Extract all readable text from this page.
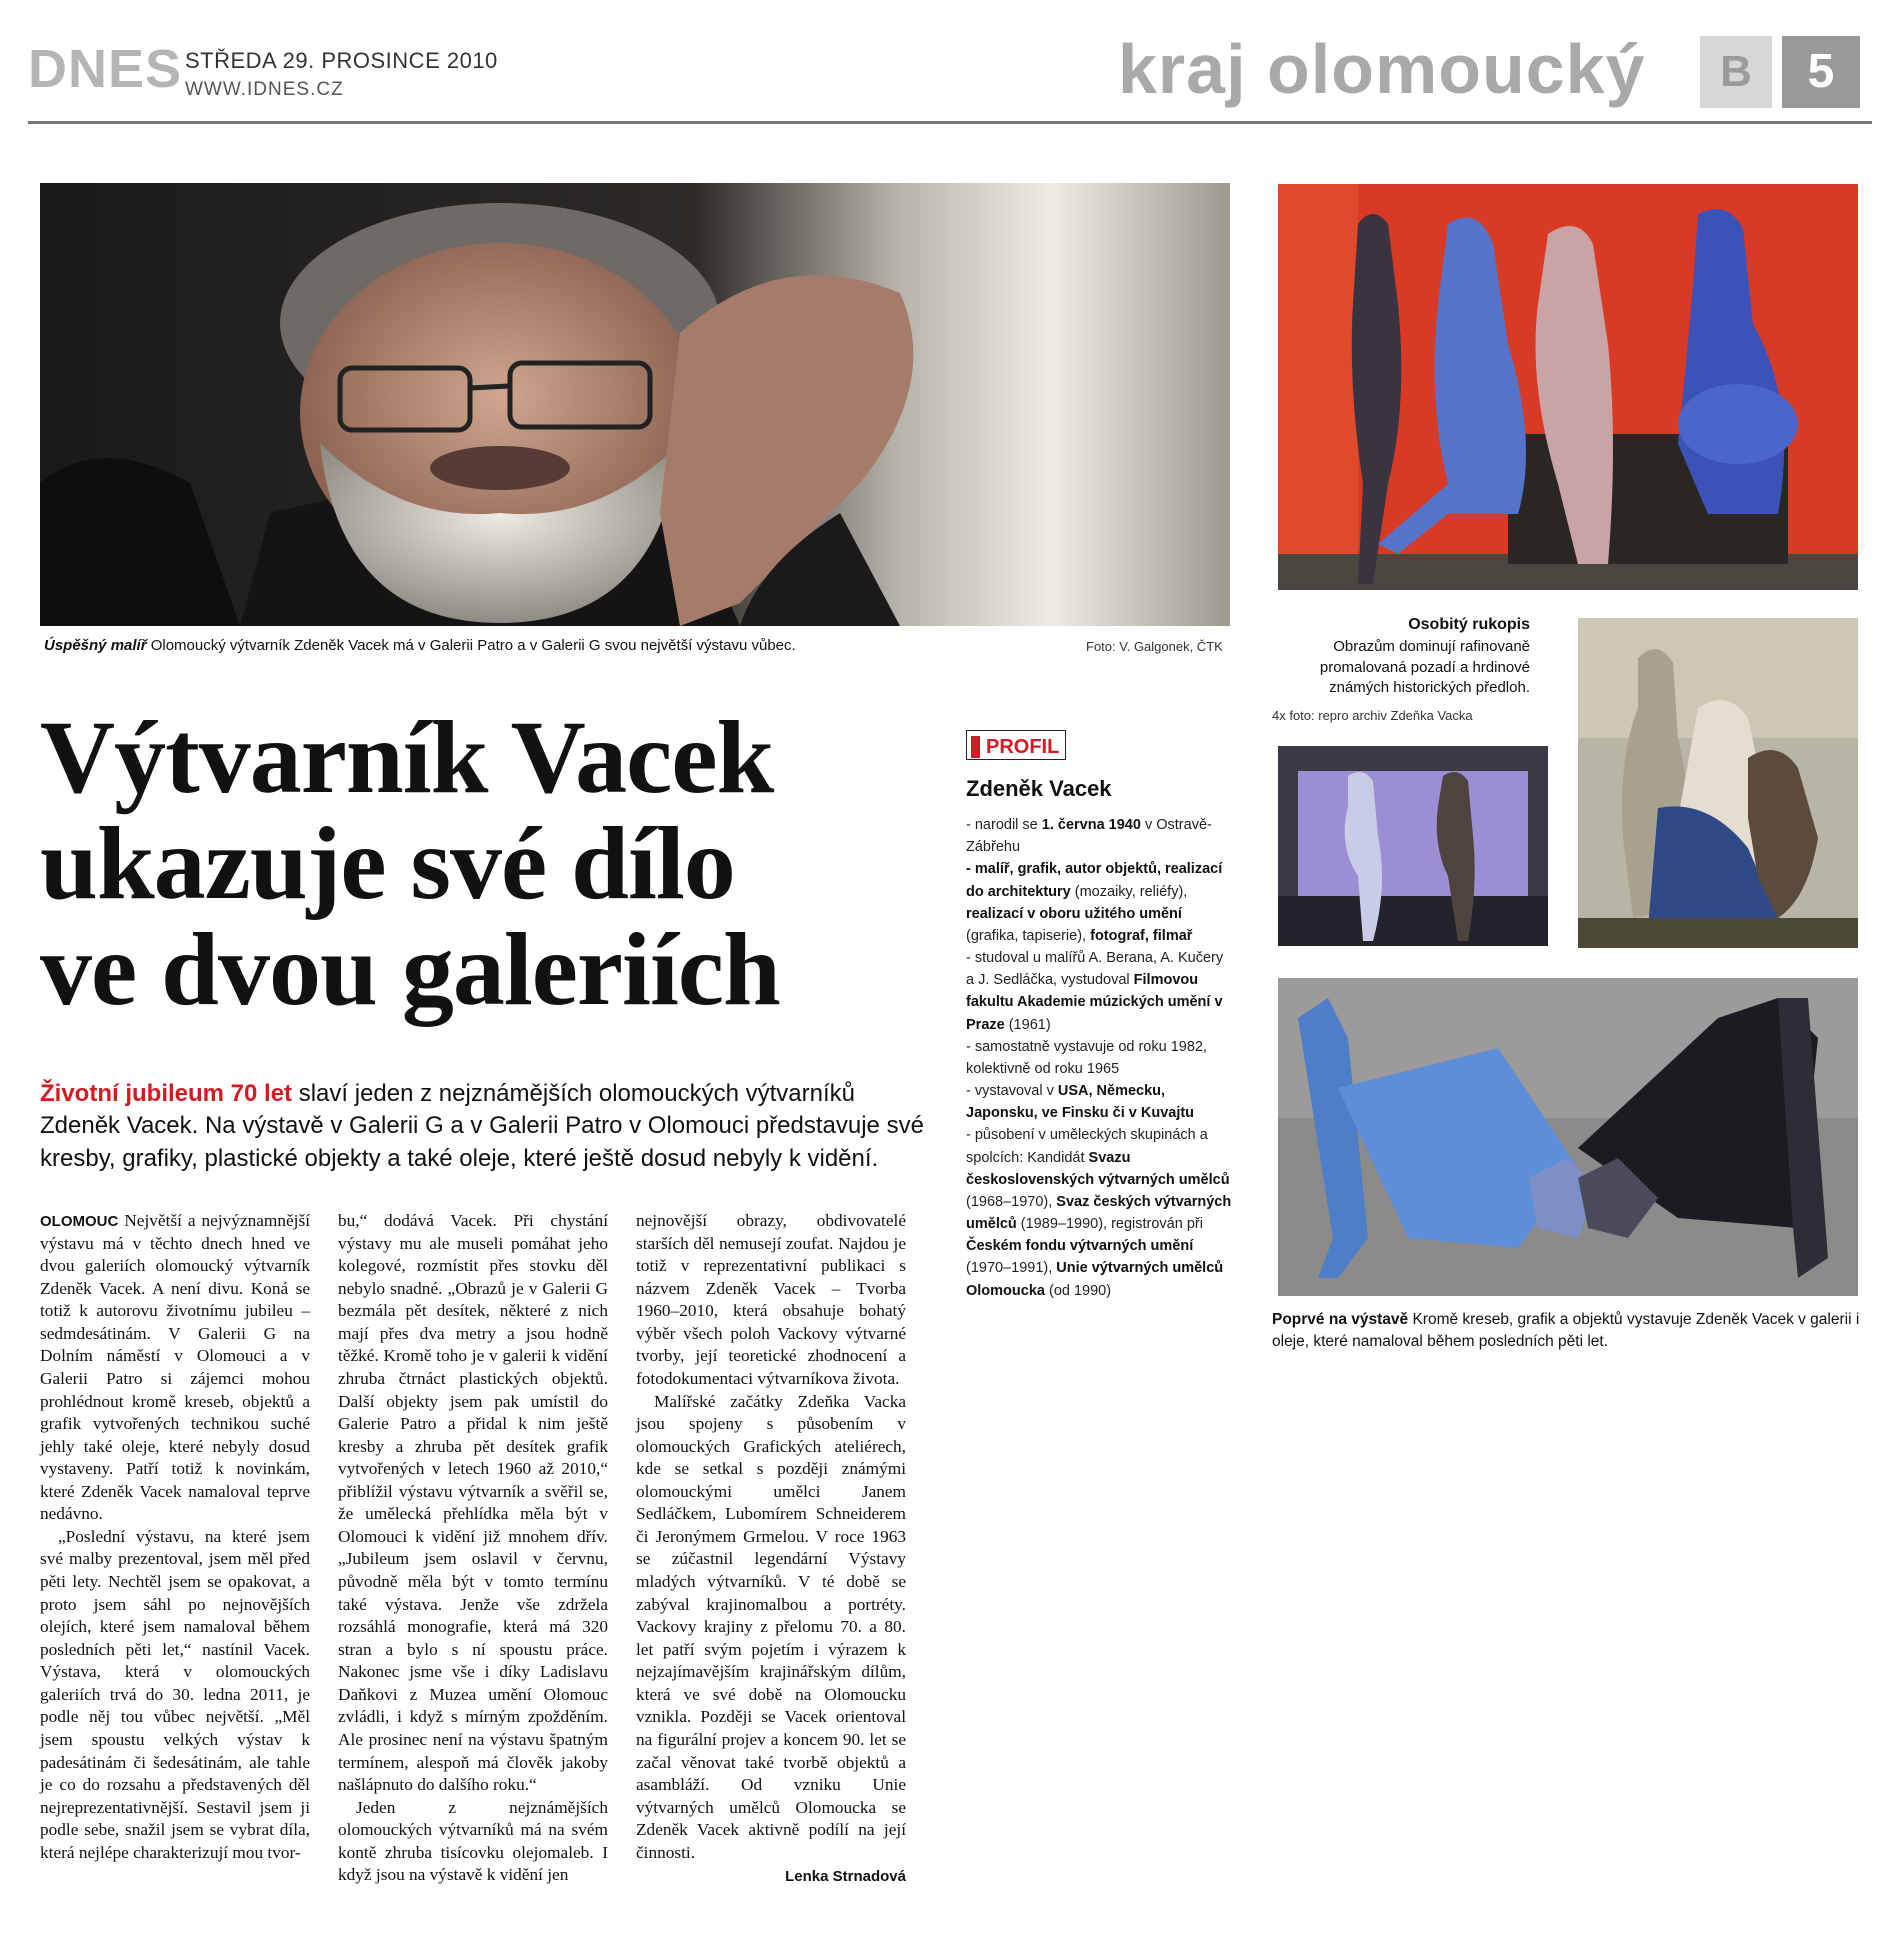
DNES STŘEDA 29. PROSINCE 2010
WWW.IDNES.CZ	kraj olomoucký	B	5
Úspěšný malíř Olomoucký výtvarník Zdeněk Vacek má v Galerii Patro a v Galerii G svou největší výstavu vůbec.	Foto: V. Galgonek, ČTK
Výtvarník Vacek
ukazuje své dílo
ve dvou galeriích
Životní jubileum 70 let slaví jeden z nejznámějších olomouckých výtvarníků Zdeněk Vacek. Na výstavě v Galerii G a v Galerii Patro v Olomouci představuje své kresby, grafiky, plastické objekty a také oleje, které ještě dosud nebyly k vidění.

OLOMOUC Největší a nejvýznamnější výstavu má v těchto dnech hned ve dvou galeriích olomoucký výtvarník Zdeněk Vacek. A není divu. Koná se totiž k autorovu životnímu jubileu – sedmdesátinám. V Galerii G na Dolním náměstí v Olomouci a v Galerii Patro si zájemci mohou prohlédnout kromě kreseb, objektů a grafik vytvořených technikou suché jehly také oleje, které nebyly dosud vystaveny. Patří totiž k novinkám, které Zdeněk Vacek namaloval teprve nedávno.

„Poslední výstavu, na které jsem své malby prezentoval, jsem měl před pěti lety. Nechtěl jsem se opakovat, a proto jsem sáhl po nejnovějších olejích, které jsem namaloval během posledních pěti let,“ nastínil Vacek. Výstava, která v olomouckých galeriích trvá do 30. ledna 2011, je podle něj tou vůbec největší. „Měl jsem spoustu velkých výstav k padesátinám či šedesátinám, ale tahle je co do rozsahu a představených děl nejreprezentativnější. Sestavil jsem ji podle sebe, snažil jsem se vybrat díla, která nejlépe charakterizují mou tvor-

bu,“ dodává Vacek. Při chystání výstavy mu ale museli pomáhat jeho kolegové, rozmístit přes stovku děl nebylo snadné. „Obrazů je v Galerii G bezmála pět desítek, některé z nich mají přes dva metry a jsou hodně těžké. Kromě toho je v galerii k vidění zhruba čtrnáct plastických objektů. Další objekty jsem pak umístil do Galerie Patro a přidal k nim ještě kresby a zhruba pět desítek grafik vytvořených v letech 1960 až 2010,“ přiblížil výstavu výtvarník a svěřil se, že umělecká přehlídka měla být v Olomouci k vidění již mnohem dřív. „Jubileum jsem oslavil v červnu, původně měla být v tomto termínu také výstava. Jenže vše zdržela rozsáhlá monografie, která má 320 stran a bylo s ní spoustu práce. Nakonec jsme vše i díky Ladislavu Daňkovi z Muzea umění Olomouc zvládli, i když s mírným zpožděním. Ale prosinec není na výstavu špatným termínem, alespoň má člověk jakoby našlápnuto do dalšího roku.“

Jeden z nejznámějších olomouckých výtvarníků má na svém kontě zhruba tisícovku olejomaleb. I když jsou na výstavě k vidění jen

nejnovější obrazy, obdivovatelé starších děl nemusejí zoufat. Najdou je totiž v reprezentativní publikaci s názvem Zdeněk Vacek – Tvorba 1960–2010, která obsahuje bohatý výběr všech poloh Vackovy výtvarné tvorby, její teoretické zhodnocení a fotodokumentaci výtvarníkova života.

Malířské začátky Zdeňka Vacka jsou spojeny s působením v olomouckých Grafických ateliérech, kde se setkal s později známými olomouckými umělci Janem Sedláčkem, Lubomírem Schneiderem či Jeronýmem Grmelou. V roce 1963 se zúčastnil legendární Výstavy mladých výtvarníků. V té době se zabýval krajinomalbou a portréty. Vackovy krajiny z přelomu 70. a 80. let patří svým pojetím i výrazem k nejzajímavějším krajinářským dílům, která ve své době na Olomoucku vznikla. Později se Vacek orientoval na figurální projev a koncem 90. let se začal věnovat také tvorbě objektů a asambláží. Od vzniku Unie výtvarných umělců Olomoucka se Zdeněk Vacek aktivně podílí na její činnosti.

Lenka Strnadová
PROFIL
Zdeněk Vacek
- narodil se 1. června 1940 v Ostravě-Zábřehu
- malíř, grafik, autor objektů, realizací do architektury (mozaiky, reliéfy), realizací v oboru užitého umění (grafika, tapiserie), fotograf, filmař
- studoval u malířů A. Berana, A. Kučery a J. Sedláčka, vystudoval Filmovou fakultu Akademie múzických umění v Praze (1961)
- samostatně vystavuje od roku 1982, kolektivně od roku 1965
- vystavoval v USA, Německu, Japonsku, ve Finsku či v Kuvajtu
- působení v uměleckých skupinách a spolcích: Kandidát Svazu československých výtvarných umělců (1968–1970), Svaz českých výtvarných umělců (1989–1990), registrován při Českém fondu výtvarných umění (1970–1991), Unie výtvarných umělců Olomoucka (od 1990)
Osobitý rukopis
Obrazům dominují rafinovaně promalovaná pozadí a hrdinové známých historických předloh.
4x foto: repro archiv Zdeňka Vacka
Poprvé na výstavě Kromě kreseb, grafik a objektů vystavuje Zdeněk Vacek v galerii i oleje, které namaloval během posledních pěti let.
